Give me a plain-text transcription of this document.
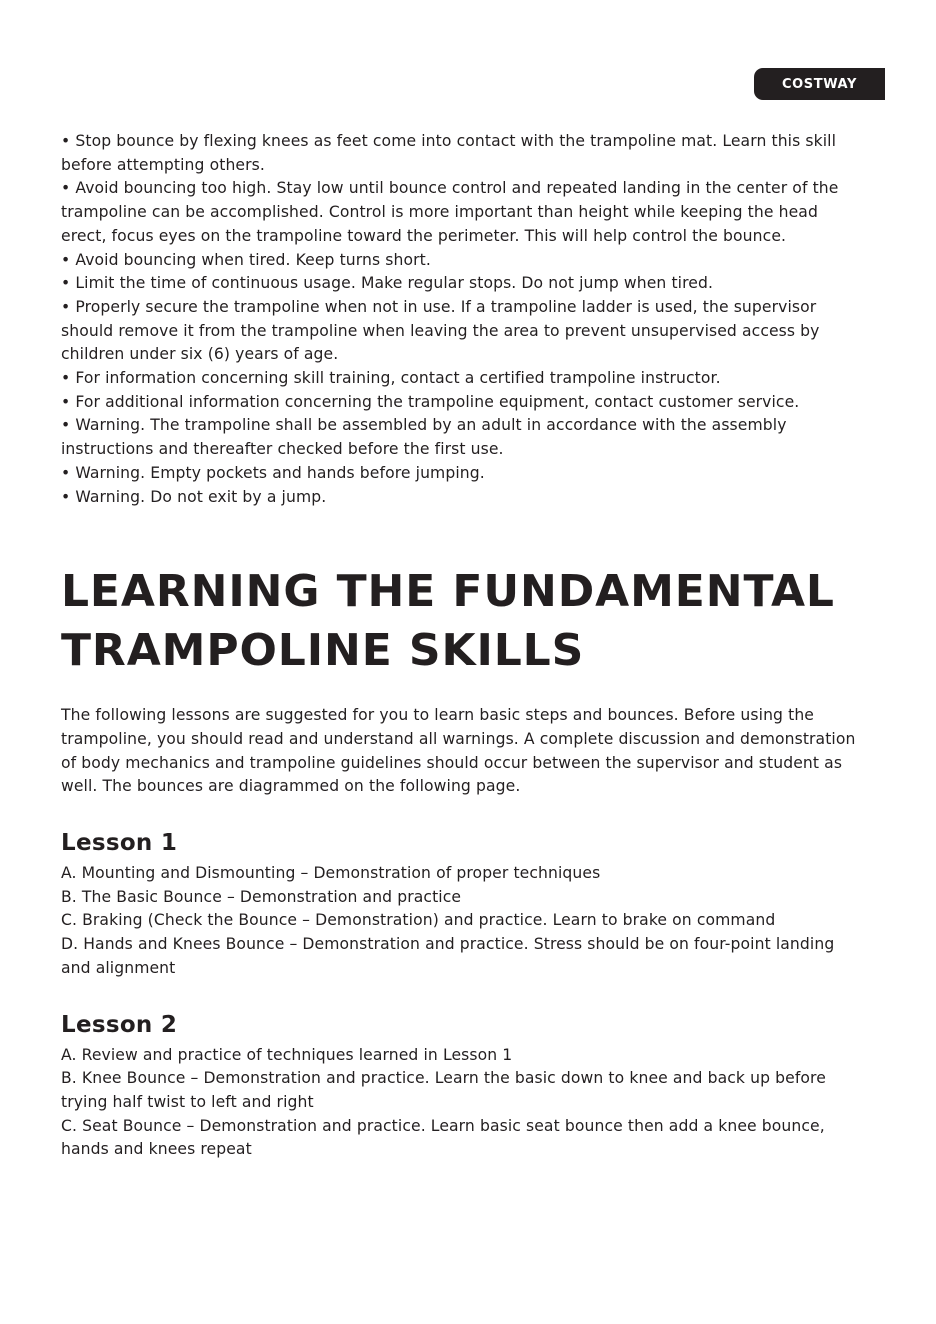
COSTWAY

• Stop bounce by flexing knees as feet come into contact with the trampoline mat. Learn this skill before attempting others.

• Avoid bouncing too high. Stay low until bounce control and repeated landing in the center of the trampoline can be accomplished. Control is more important than height while keeping the head erect, focus eyes on the trampoline toward the perimeter. This will help control the bounce.

• Avoid bouncing when tired. Keep turns short.

• Limit the time of continuous usage. Make regular stops. Do not jump when tired.

• Properly secure the trampoline when not in use. If a trampoline ladder is used, the supervisor should remove it from the trampoline when leaving the area to prevent unsupervised access by children under six (6) years of age.

• For information concerning skill training, contact a certified trampoline instructor.

• For additional information concerning the trampoline equipment, contact customer service.

• Warning. The trampoline shall be assembled by an adult in accordance with the assembly instructions and thereafter checked before the first use.

• Warning. Empty pockets and hands before jumping.

• Warning. Do not exit by a jump.

LEARNING THE FUNDAMENTAL
TRAMPOLINE SKILLS

The following lessons are suggested for you to learn basic steps and bounces. Before using the trampoline, you should read and understand all warnings. A complete discussion and demonstration of body mechanics and trampoline guidelines should occur between the supervisor and student as well. The bounces are diagrammed on the following page.

Lesson 1

A. Mounting and Dismounting – Demonstration of proper techniques

B. The Basic Bounce – Demonstration and practice

C. Braking (Check the Bounce – Demonstration) and practice. Learn to brake on command

D. Hands and Knees Bounce – Demonstration and practice. Stress should be on four-point landing and alignment

Lesson 2

A. Review and practice of techniques learned in Lesson 1

B. Knee Bounce – Demonstration and practice. Learn the basic down to knee and back up before trying half twist to left and right

C. Seat Bounce – Demonstration and practice. Learn basic seat bounce then add a knee bounce, hands and knees repeat
